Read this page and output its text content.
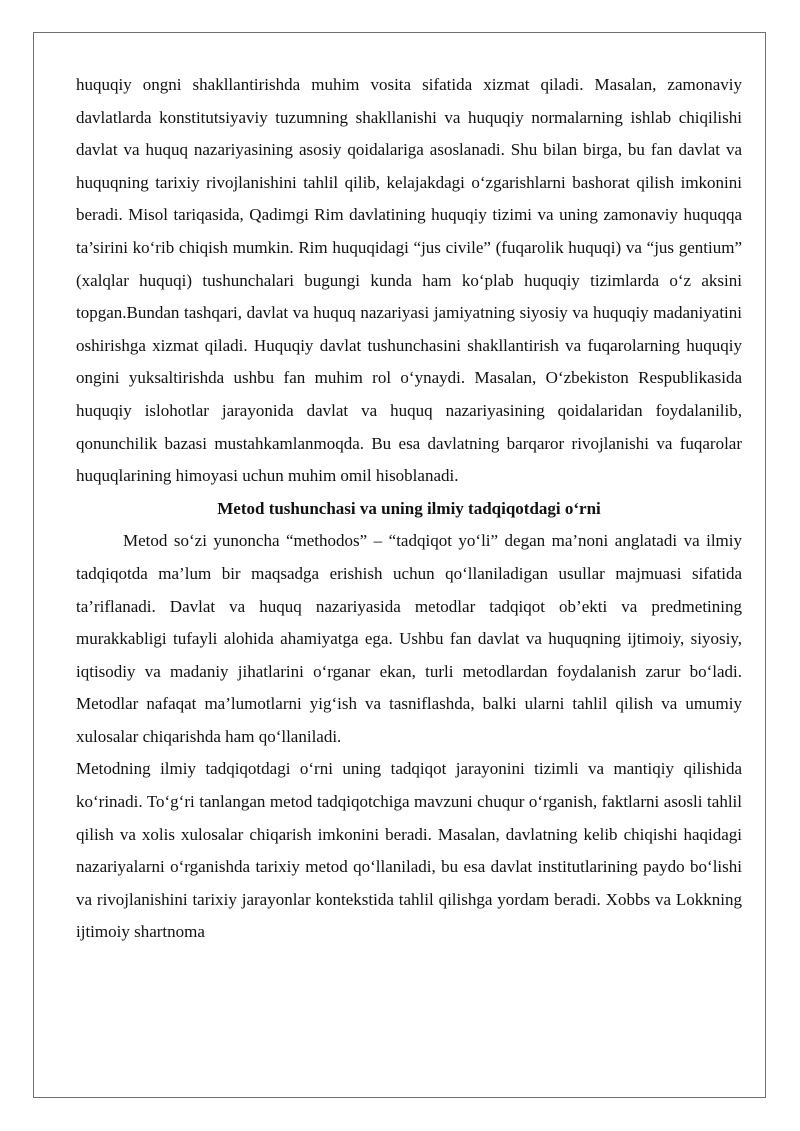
huquqiy ongni shakllantirishda muhim vosita sifatida xizmat qiladi. Masalan, zamonaviy davlatlarda konstitutsiyaviy tuzumning shakllanishi va huquqiy normalarning ishlab chiqilishi davlat va huquq nazariyasining asosiy qoidalariga asoslanadi. Shu bilan birga, bu fan davlat va huquqning tarixiy rivojlanishini tahlil qilib, kelajakdagi o‘zgarishlarni bashorat qilish imkonini beradi. Misol tariqasida, Qadimgi Rim davlatining huquqiy tizimi va uning zamonaviy huquqqa ta’sirini ko‘rib chiqish mumkin. Rim huquqidagi “jus civile” (fuqarolik huquqi) va “jus gentium” (xalqlar huquqi) tushunchalari bugungi kunda ham ko‘plab huquqiy tizimlarda o‘z aksini topgan.Bundan tashqari, davlat va huquq nazariyasi jamiyatning siyosiy va huquqiy madaniyatini oshirishga xizmat qiladi. Huquqiy davlat tushunchasini shakllantirish va fuqarolarning huquqiy ongini yuksaltirishda ushbu fan muhim rol o‘ynaydi. Masalan, O‘zbekiston Respublikasida huquqiy islohotlar jarayonida davlat va huquq nazariyasining qoidalaridan foydalanilib, qonunchilik bazasi mustahkamlanmoqda. Bu esa davlatning barqaror rivojlanishi va fuqarolar huquqlarining himoyasi uchun muhim omil hisoblanadi.

Metod tushunchasi va uning ilmiy tadqiqotdagi o‘rni

Metod so‘zi yunoncha “methodos” – “tadqiqot yo‘li” degan ma’noni anglatadi va ilmiy tadqiqotda ma’lum bir maqsadga erishish uchun qo‘llaniladigan usullar majmuasi sifatida ta’riflanadi. Davlat va huquq nazariyasida metodlar tadqiqot ob’ekti va predmetining murakkabligi tufayli alohida ahamiyatga ega. Ushbu fan davlat va huquqning ijtimoiy, siyosiy, iqtisodiy va madaniy jihatlarini o‘rganar ekan, turli metodlardan foydalanish zarur bo‘ladi. Metodlar nafaqat ma’lumotlarni yig‘ish va tasniflashda, balki ularni tahlil qilish va umumiy xulosalar chiqarishda ham qo‘llaniladi.

Metodning ilmiy tadqiqotdagi o‘rni uning tadqiqot jarayonini tizimli va mantiqiy qilishida ko‘rinadi. To‘g‘ri tanlangan metod tadqiqotchiga mavzuni chuqur o‘rganish, faktlarni asosli tahlil qilish va xolis xulosalar chiqarish imkonini beradi. Masalan, davlatning kelib chiqishi haqidagi nazariyalarni o‘rganishda tarixiy metod qo‘llaniladi, bu esa davlat institutlarining paydo bo‘lishi va rivojlanishini tarixiy jarayonlar kontekstida tahlil qilishga yordam beradi. Xobbs va Lokkning ijtimoiy shartnoma
